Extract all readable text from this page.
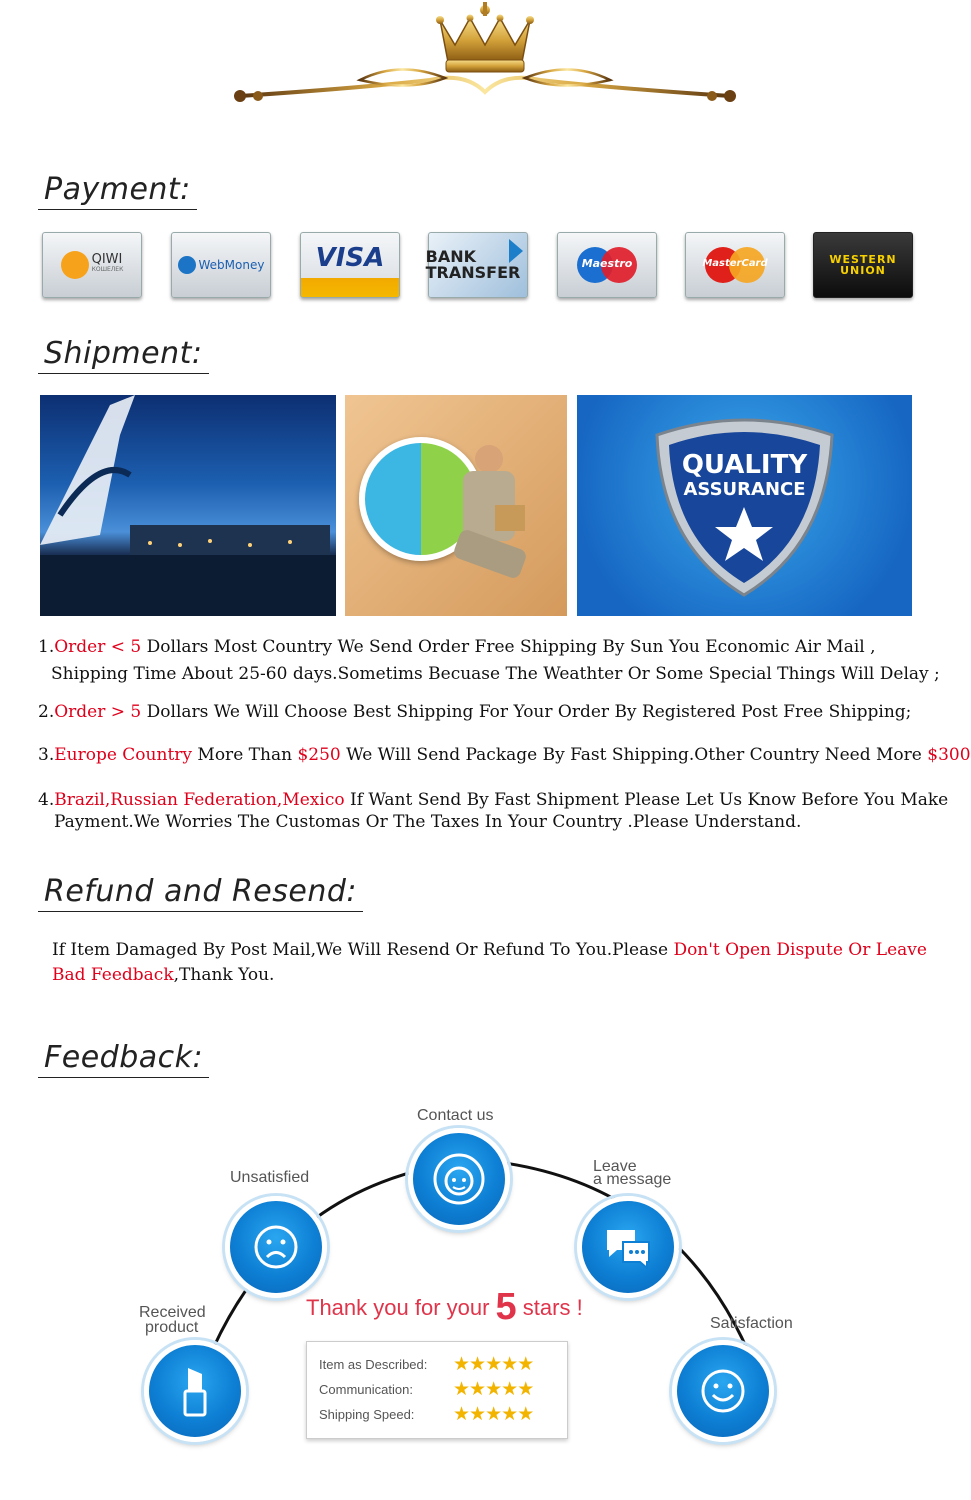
Payment:
QIWI
КОШЕЛЕК	WebMoney VISA	BANK
TRANSFER	Maestro	MasterCard	WESTERN
UNION
Shipment:
QUALITY
ASSURANCE
1.Order < 5 Dollars Most Country We Send Order Free Shipping By Sun You Economic Air Mail ,
Shipping Time About 25-60 days.Sometims Becuase The Weathter Or Some Special Things Will Delay ;
2.Order > 5 Dollars We Will Choose Best Shipping For Your Order By Registered Post Free Shipping;
3.Europe Country More Than $250 We Will Send Package By Fast Shipping.Other Country Need More $300
4.Brazil,Russian Federation,Mexico If Want Send By Fast Shipment Please Let Us Know Before You Make
Payment.We Worries The Customas Or The Taxes In Your Country .Please Understand.
Refund and Resend:
If Item Damaged By Post Mail,We Will Resend Or Refund To You.Please Don't Open Dispute Or Leave
Bad Feedback,Thank You.
Feedback:
Contact us
Unsatisfied
Leave
a message
Received
product	Satisfaction
Thank you for your 5 stars !
Item as Described:	★ ★ ★ ★ ★
Communication:	★ ★ ★ ★ ★
Shipping Speed:	★ ★ ★ ★ ★
